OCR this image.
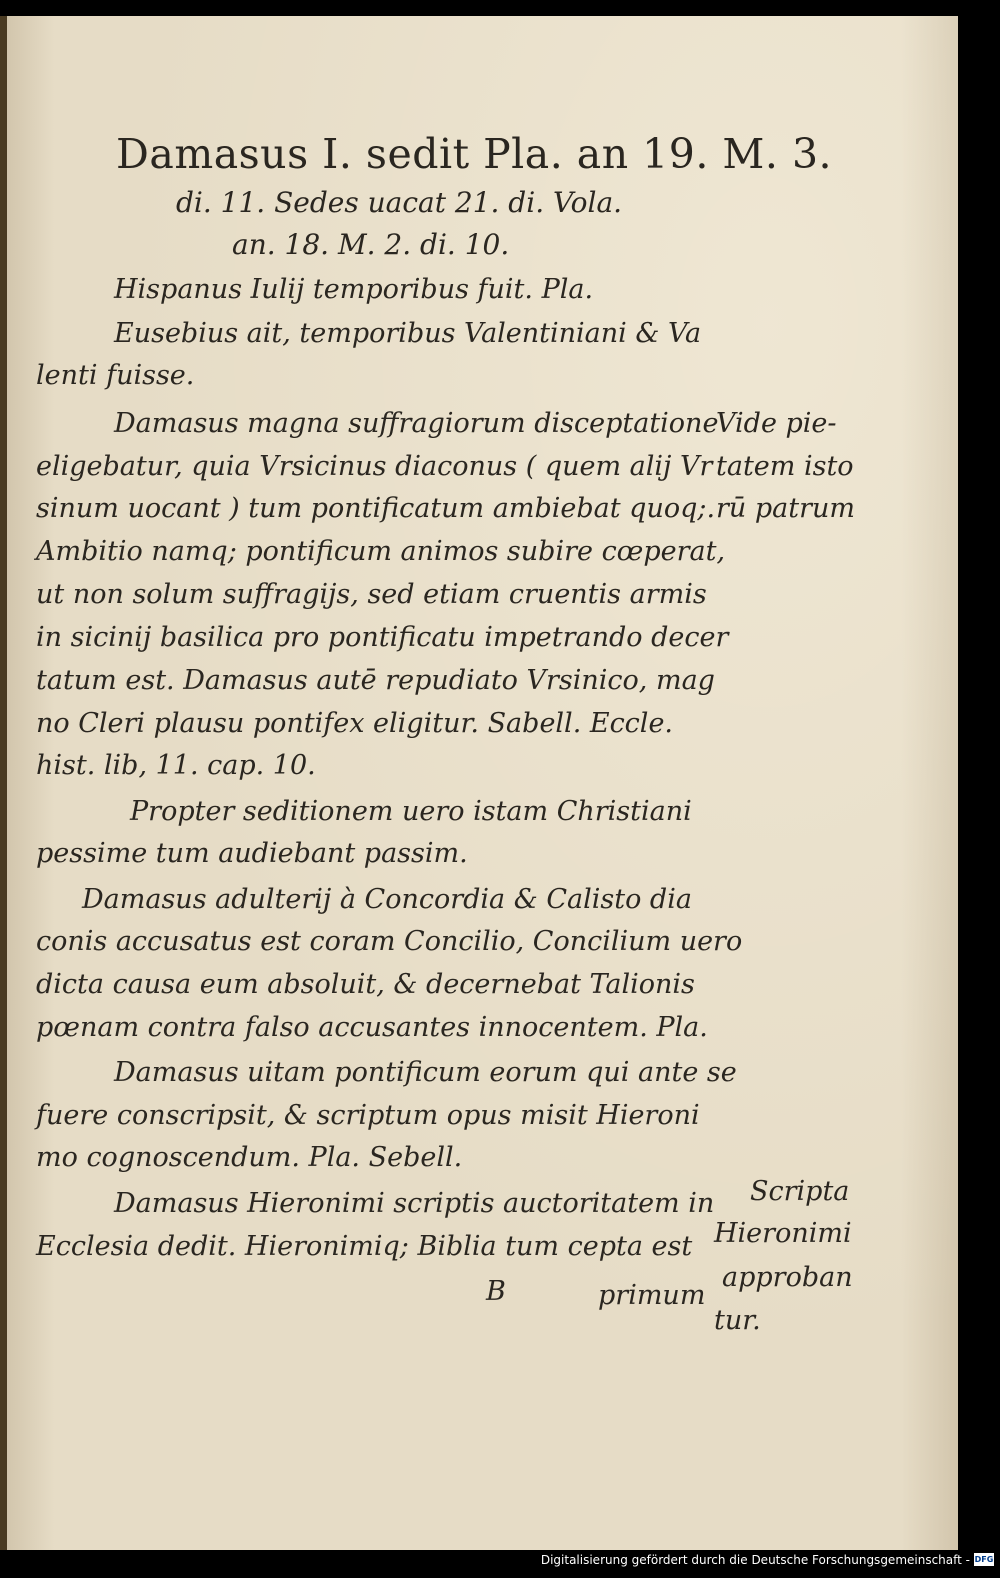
Damasus I. sedit Pla. an 19. M. 3.
di. 11. Sedes uacat 21. di. Vola.
an. 18. M. 2. di. 10.
Hispanus Iulij temporibus fuit. Pla.
Eusebius ait, temporibus Valentiniani & Va
lenti fuisse.
Damasus magna suffragiorum disceptatione
eligebatur, quia Vrsicinus diaconus ( quem alij Vr
sinum uocant ) tum pontificatum ambiebat quoq;.
Ambitio namq; pontificum animos subire cœperat,
ut non solum suffragijs, sed etiam cruentis armis
in sicinij basilica pro pontificatu impetrando decer
tatum est. Damasus autē repudiato Vrsinico, mag
no Cleri plausu pontifex eligitur. Sabell. Eccle.
hist. lib, 11. cap. 10.
Propter seditionem uero istam Christiani
pessime tum audiebant passim.
Damasus adulterij à Concordia & Calisto dia
conis accusatus est coram Concilio, Concilium uero
dicta causa eum absoluit, & decernebat Talionis
pœnam contra falso accusantes innocentem. Pla.
Damasus uitam pontificum eorum qui ante se
fuere conscripsit, & scriptum opus misit Hieroni
mo cognoscendum. Pla. Sebell.
Damasus Hieronimi scriptis auctoritatem in
Ecclesia dedit. Hieronimiq; Biblia tum cepta est
B	primum
Vide pie-
tatem isto
rū patrum
Scripta
Hieronimi
approban
tur.
Digitalisierung gefördert durch die Deutsche Forschungsgemeinschaft - DFG
